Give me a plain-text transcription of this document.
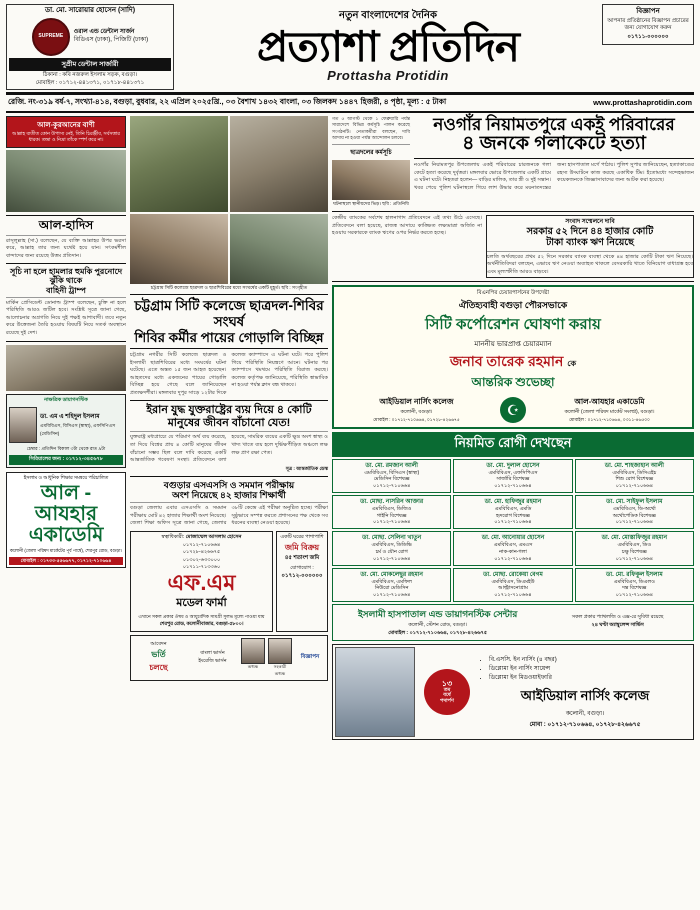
ডা. মো. সারোয়ার হোসেন (সাদি)
SUPREME
ওরাল এন্ড ডেন্টাল সার্জন
বিডিএস (ঢাকা), পিজিটি (ঢাকা)
সুপ্রীম ডেন্টাল সার্জারী
ঠিকানা : কবি নজরুল ইসলাম সড়ক, বগুড়া।
মোবাইল : ০১৭১২-৪৪১৩৭১, ০১৭১৮-৪৪১৩৭১
নতুন বাংলাদেশের দৈনিক
প্রত্যাশা প্রতিদিন
Prottasha Protidin
বিজ্ঞাপন
আপনার প্রতিষ্ঠানের বিজ্ঞাপন প্রচারের জন্য যোগাযোগ করুন
০১৭১১-০০০০০০
রেজি. নং-৩১৯ বর্ষ-৭, সংখ্যা-৪১৪, বগুড়া, বুধবার, ২২ এপ্রিল ২০২৫খ্রি., ০৩ বৈশাখ ১৪৩২ বাংলা, ০৩ জিলকদ ১৪৪৭ হিজরী, ৪ পৃষ্ঠা, মূল্য : ৫ টাকা	www.prottashaprotidin.com
আল-কুরআনের বাণী
আল্লাহ ব্যতীত কোন উপাস্য নেই, তিনি চিরঞ্জীব, সর্বসত্তার ধারক। তন্দ্রা ও নিদ্রা তাঁকে স্পর্শ করে না।
আল-হাদিস
রাসূলুল্লাহ (সা.) বলেছেন, যে ব্যক্তি আল্লাহর উপর ভরসা করে, আল্লাহ তার জন্য যথেষ্ট হয়ে যান। সৎকর্মশীল বান্দাদের জন্য রয়েছে উত্তম প্রতিদান।
সূচি না হলে হামলার হুমকি পুরনোদে ঝুঁকি থাকে
বাহিনী ট্রাম্প
মার্কিন প্রেসিডেন্ট ডোনাল্ড ট্রাম্প বলেছেন, চুক্তি না হলে পরিস্থিতি আরও জটিল হবে। সংশ্লিষ্ট সূত্রে জানা গেছে, আলোচনার অগ্রগতি নিয়ে দুই পক্ষই আশাবাদী। তবে নতুন করে উত্তেজনা তৈরি হওয়ায় বিষয়টি নিয়ে সতর্ক অবস্থানে রয়েছে দুই দেশ।
নাক্ষত্রিক ডায়াগনস্টিক
ডা. এম এ শহিদুল ইসলাম
এমবিবিএস, বিসিএস (স্বাস্থ্য), এফসিপিএস (মেডিসিন)
চেম্বার : প্রতিদিন বিকাল ৩টা থেকে রাত ৯টা
সিরিয়ালের জন্য : ০১৭১২-৩৪৫৬৭৮
ইসলাম ও আধুনিক শিক্ষার সমন্বয়ে পরিচালিত
আল - আযহার
একাডেমি
কলোনী (জেলা পরিষদ মার্কেটের পূর্ব পার্শ্বে), শেরপুর রোড, বগুড়া।
মোবাইল : ০১৭৩৩-৫৫৬৬৭৭, ০১৭১২-৭১০৬৬৪
চট্টগ্রাম সিটি কলেজে ছাত্রদল ও ছাত্রশিবিরের মধ্যে সংঘর্ষের একটি মুহূর্ত। ছবি : সংগৃহীত
চট্টগ্রাম সিটি কলেজে ছাত্রদল-শিবির সংঘর্ষ
শিবির কর্মীর পায়ের গোড়ালি বিচ্ছিন্ন
চট্টগ্রাম নগরীর সিটি কলেজে ছাত্রদল ও ইসলামী ছাত্রশিবিরের মধ্যে সংঘর্ষের ঘটনা ঘটেছে। এতে অন্তত ১৫ জন আহত হয়েছেন। আহতদের মধ্যে একজনের পায়ের গোড়ালি বিচ্ছিন্ন হয়ে গেছে বলে জানিয়েছেন প্রত্যক্ষদর্শীরা। মঙ্গলবার দুপুর সাড়ে ১২টার দিকে কলেজ ক্যাম্পাসে এ ঘটনা ঘটে। পরে পুলিশ গিয়ে পরিস্থিতি নিয়ন্ত্রণে আনে। ঘটনার পর ক্যাম্পাসে থমথমে পরিস্থিতি বিরাজ করছে। কলেজ কর্তৃপক্ষ জানিয়েছে, পরিস্থিতি স্বাভাবিক না হওয়া পর্যন্ত ক্লাস বন্ধ থাকবে।
ইরান যুদ্ধ যুক্তরাষ্ট্রের ব্যয় দিয়ে ৪ কোটি
মানুষের জীবন বাঁচানো যেত!
যুক্তরাষ্ট্র মধ্যপ্রাচ্যে যে পরিমাণ অর্থ ব্যয় করেছে, তা দিয়ে বিশ্বের প্রায় ৪ কোটি মানুষের জীবন বাঁচানো সম্ভব ছিল বলে দাবি করেছে একটি আন্তর্জাতিক গবেষণা সংস্থা। প্রতিবেদনে বলা হয়েছে, সামরিক ব্যয়ের একটি ক্ষুদ্র অংশ স্বাস্থ্য ও খাদ্য খাতে ব্যয় হলে দুর্ভিক্ষপীড়িত অঞ্চলে লক্ষ লক্ষ প্রাণ রক্ষা পেত।
সূত্র : আন্তর্জাতিক ডেস্ক
বগুড়ার এসএসসি ও সমমান পরীক্ষায়
অংশ নিয়েছে ৪২ হাজার শিক্ষার্থী
বগুড়া জেলায় এবার এসএসসি ও সমমান পরীক্ষায় মোট ৪২ হাজার শিক্ষার্থী অংশ নিয়েছে। জেলা শিক্ষা অফিস সূত্রে জানা গেছে, জেলার ৩৮টি কেন্দ্রে এই পরীক্ষা অনুষ্ঠিত হচ্ছে। পরীক্ষা সুষ্ঠুভাবে সম্পন্ন করতে প্রশাসনের পক্ষ থেকে সব ধরনের ব্যবস্থা নেওয়া হয়েছে।
স্বত্বাধিকারী: মোজাম্মেল আসলাম হোসেন
০১৭১২-৭১০৬৬৪
০১৭২৮-৪২৬৬৭৫
০১৩০২-৬৩৩০০০
০১৭১১-৭১৩৩৬০
এফ.এম
মডেল ফার্মা
এখানে সকল প্রকার ঔষধ ও আয়ুর্বেদিক সামগ্রী সুলভ মূল্যে পাওয়া যায়
শেরপুর রোড, কলোনীবাজার, বগুড়া-৫৮০০।
একটি ঘরের পাশাপাশি
জমি বিক্রয়
৪৫ শতাংশ জমি
যোগাযোগ :
০১৭১২-০০০০০০
আবেদন
ভর্তি
চলছে
বাংলা ভার্সন
ইংরেজি ভার্সন
অধ্যক্ষ	সহকারী অধ্যক্ষ
বিজ্ঞাপন
গত ৫ আগস্ট থেকে ১ ফেব্রুয়ারি পর্যন্ত সারাদেশে বিভিন্ন কর্মসূচি পালন করেছে সংগঠনটি। নেতাকর্মীরা বলছেন, দাবি আদায় না হওয়া পর্যন্ত আন্দোলন চলবে।
ছাত্রদলের কর্মসূচি
ঘটনাস্থলে স্থানীয়দের ভিড়। ছবি : প্রতিনিধি
নওগাঁর নিয়ামতপুরে একই পরিবারের
৪ জনকে গলাকেটে হত্যা
নওগাঁর নিয়ামতপুর উপজেলায় একই পরিবারের চারজনকে গলা কেটে হত্যা করেছে দুর্বৃত্তরা। মঙ্গলবার ভোরে উপজেলার একটি গ্রামে এ ঘটনা ঘটে। নিহতরা হলেন— বাড়ির মালিক, তার স্ত্রী ও দুই সন্তান। খবর পেয়ে পুলিশ ঘটনাস্থলে গিয়ে লাশ উদ্ধার করে ময়নাতদন্তের জন্য হাসপাতাল মর্গে পাঠায়। পুলিশ সুপার জানিয়েছেন, হত্যাকাণ্ডের রহস্য উদ্ঘাটনে কাজ করছে একাধিক টিম। ইতোমধ্যে সন্দেহভাজন কয়েকজনকে জিজ্ঞাসাবাদের জন্য আটক করা হয়েছে।
কেন্দ্রীয় ব্যাংকের সর্বশেষ হালনাগাদ প্রতিবেদনে এই তথ্য উঠে এসেছে। প্রতিবেদনে বলা হয়েছে, রাজস্ব আদায়ে কাঙ্ক্ষিত লক্ষ্যমাত্রা অর্জিত না হওয়ায় সরকারকে ব্যাংক ঋণের ওপর নির্ভর করতে হচ্ছে।
সংবাদ সম্মেলনে দাবি
সরকার ৫২ দিনে ৪৪ হাজার কোটি
টাকা ব্যাংক ঋণ নিয়েছে
চলতি অর্থবছরের প্রথম ৫২ দিনে সরকার ব্যাংক ব্যবস্থা থেকে ৪৪ হাজার কোটি টাকা ঋণ নিয়েছে। অর্থনীতিবিদরা বলছেন, এভাবে ঋণ নেওয়া অব্যাহত থাকলে বেসরকারি খাতে বিনিয়োগ বাধাগ্রস্ত হবে এবং মূল্যস্ফীতি আরও বাড়বে।
বিএনপির চেয়ারপার্সনের উপদেষ্টা
ঐতিহ্যবাহী বগুড়া পৌরসভাকে
সিটি কর্পোরেশন ঘোষণা করায়
মাননীয় ভারপ্রাপ্ত চেয়ারম্যান
জনাব তারেক রহমান কে
আন্তরিক শুভেচ্ছা
আইডিয়াল নার্সিং কলেজ
কলোনী, বগুড়া।
মোবাইল : ০১৭১২-৭১০৬৬৪, ০১৭২৮-৪২৬৬৭৫
☪
আল-আযহার একাডেমি
কলোনী (জেলা পরিষদ মার্কেট সংলগ্ন), বগুড়া।
মোবাইল : ০১৭১২-৭১০৬৬৪, ০৩১১-৪৬৫০০
নিয়মিত রোগী দেখছেন
ডা. মো. রমজান আলী
এমবিবিএস, বিসিএস (স্বাস্থ্য)
মেডিসিন বিশেষজ্ঞ
০১৭১২-৭১০৬৬৪
ডা. মো. দুলাল হোসেন
এমবিবিএস, এফসিপিএস
সার্জারি বিশেষজ্ঞ
০১৭১২-৭১০৬৬৪
ডা. মো. শাহজাহান আলী
এমবিবিএস, ডিসিএইচ
শিশু রোগ বিশেষজ্ঞ
০১৭১২-৭১০৬৬৪
ডা. মোছা. নাসরিন আক্তার
এমবিবিএস, ডিজিও
গাইনি বিশেষজ্ঞ
০১৭১২-৭১০৬৬৪
ডা. মো. হাফিজুর রহমান
এমবিবিএস, এমডি
হৃদরোগ বিশেষজ্ঞ
০১৭১২-৭১০৬৬৪
ডা. মো. সাইফুল ইসলাম
এমবিবিএস, ডি-অর্থো
অর্থোপেডিক বিশেষজ্ঞ
০১৭১২-৭১০৬৬৪
ডা. মোছা. সেলিনা খাতুন
এমবিবিএস, ডিডিভি
চর্ম ও যৌন রোগ
০১৭১২-৭১০৬৬৪
ডা. মো. আনোয়ার হোসেন
এমবিবিএস, এমএস
নাক-কান-গলা
০১৭১২-৭১০৬৬৪
ডা. মো. মোস্তাফিজুর রহমান
এমবিবিএস, ডিও
চক্ষু বিশেষজ্ঞ
০১৭১২-৭১০৬৬৪
ডা. মো. মোকলেছুর রহমান
এমবিবিএস, এমফিল
নিউরো মেডিসিন
০১৭১২-৭১০৬৬৪
ডা. মোছা. রোকেয়া বেগম
এমবিবিএস, ডিএমইউ
আল্ট্রাসনোগ্রাম
০১৭১২-৭১০৬৬৪
ডা. মো. রফিকুল ইসলাম
এমবিবিএস, ডিএলও
দন্ত বিশেষজ্ঞ
০১৭১২-৭১০৬৬৪
ইসলামী হাসপাতাল এন্ড ডায়াগনস্টিক সেন্টার
কলোনী, স্টেশন রোড, বগুড়া।
মোবাইল : ০১৭১২-৭১০৬৬৪, ০১৭২৮-৪২৬৬৭৫
সকল প্রকার প্যাথলজি ও এক্স-রে সুবিধা রয়েছে
২৪ ঘণ্টা অ্যাম্বুলেন্স সার্ভিস
১৩
তম
বর্ষে
পদার্পণ
• বি.এসসি. ইন নার্সিং (৪ বছর)
• ডিপ্লোমা ইন নার্সিং সায়েন্স
• ডিপ্লোমা ইন মিডওয়াইফারি
আইডিয়াল নার্সিং কলেজ
কলোনী, বগুড়া।
মোবা : ০১৭১২-৭১০৬৬৪, ০১৭২৮-৪২৬৬৭৫
